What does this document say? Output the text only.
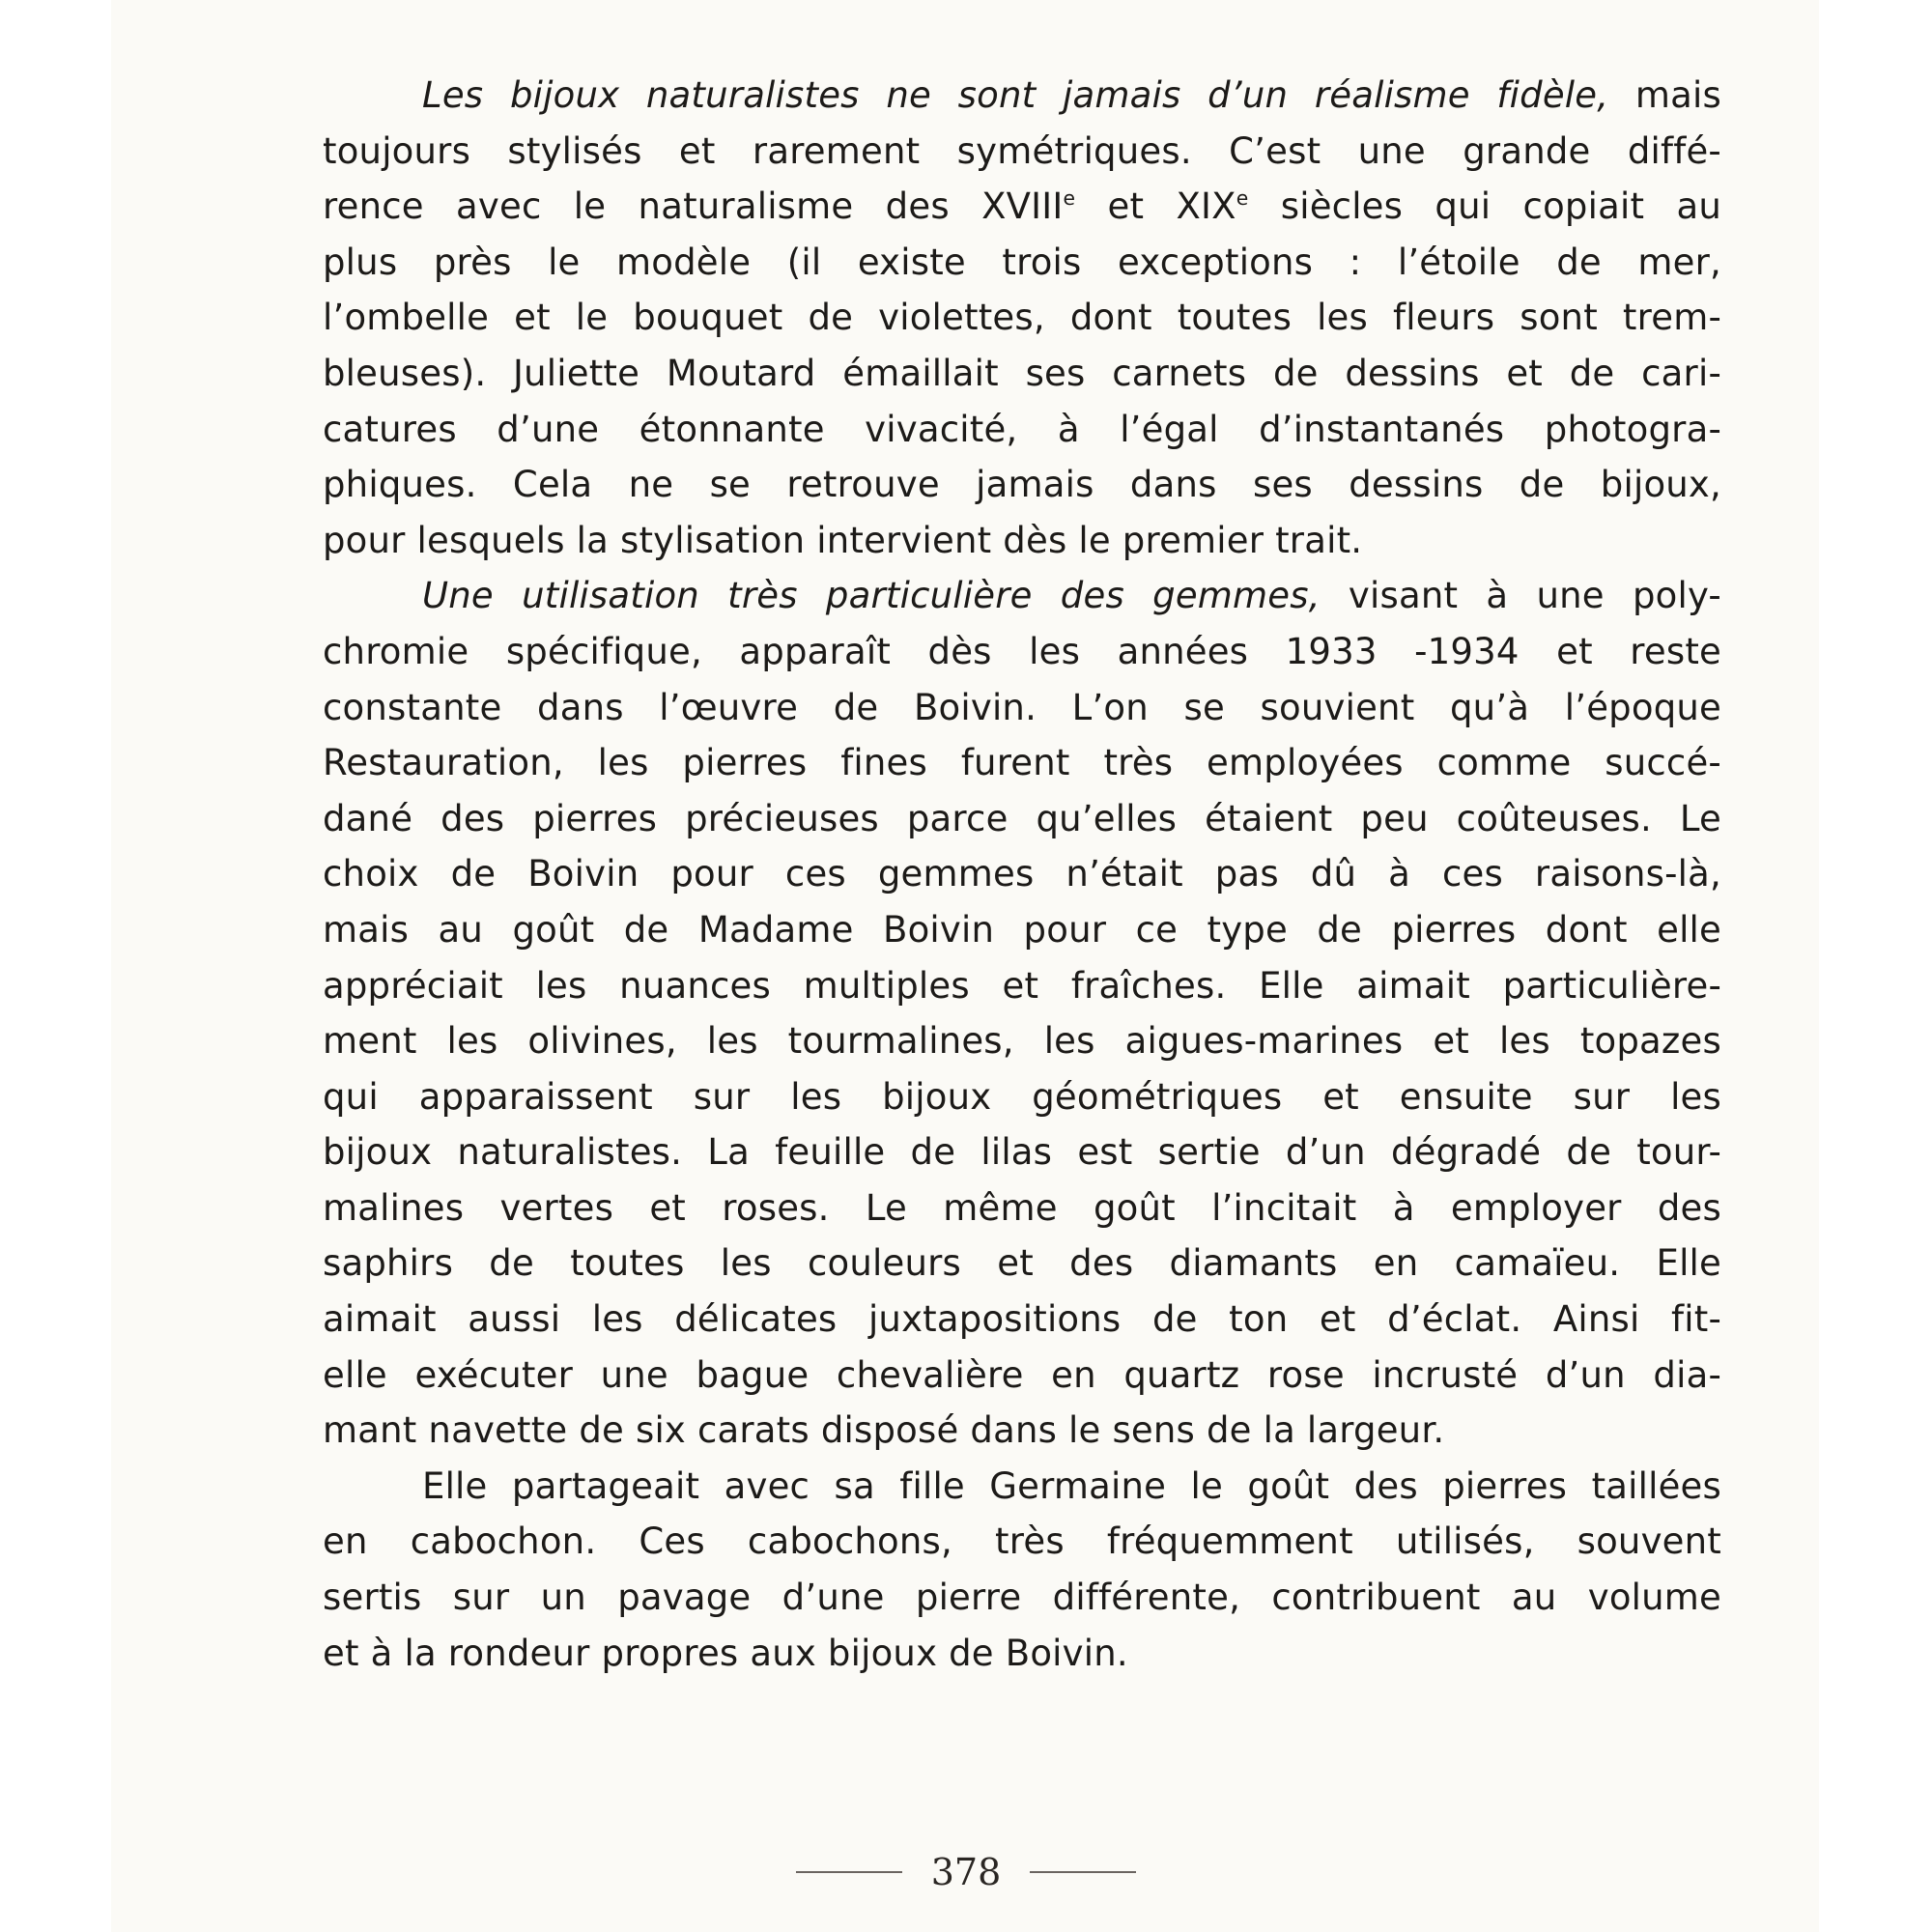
Les bijoux naturalistes ne sont jamais d’un réalisme fidèle, mais
toujours stylisés et rarement symétriques. C’est une grande diffé-
rence avec le naturalisme des XVIIIe et XIXe siècles qui copiait au
plus près le modèle (il existe trois exceptions : l’étoile de mer,
l’ombelle et le bouquet de violettes, dont toutes les fleurs sont trem-
bleuses). Juliette Moutard émaillait ses carnets de dessins et de cari-
catures d’une étonnante vivacité, à l’égal d’instantanés photogra-
phiques. Cela ne se retrouve jamais dans ses dessins de bijoux,
pour lesquels la stylisation intervient dès le premier trait.
Une utilisation très particulière des gemmes, visant à une poly-
chromie spécifique, apparaît dès les années 1933 -1934 et reste
constante dans l’œuvre de Boivin. L’on se souvient qu’à l’époque
Restauration, les pierres fines furent très employées comme succé-
dané des pierres précieuses parce qu’elles étaient peu coûteuses. Le
choix de Boivin pour ces gemmes n’était pas dû à ces raisons-là,
mais au goût de Madame Boivin pour ce type de pierres dont elle
appréciait les nuances multiples et fraîches. Elle aimait particulière-
ment les olivines, les tourmalines, les aigues-marines et les topazes
qui apparaissent sur les bijoux géométriques et ensuite sur les
bijoux naturalistes. La feuille de lilas est sertie d’un dégradé de tour-
malines vertes et roses. Le même goût l’incitait à employer des
saphirs de toutes les couleurs et des diamants en camaïeu. Elle
aimait aussi les délicates juxtapositions de ton et d’éclat. Ainsi fit-
elle exécuter une bague chevalière en quartz rose incrusté d’un dia-
mant navette de six carats disposé dans le sens de la largeur.
Elle partageait avec sa fille Germaine le goût des pierres taillées
en cabochon. Ces cabochons, très fréquemment utilisés, souvent
sertis sur un pavage d’une pierre différente, contribuent au volume
et à la rondeur propres aux bijoux de Boivin.
378
